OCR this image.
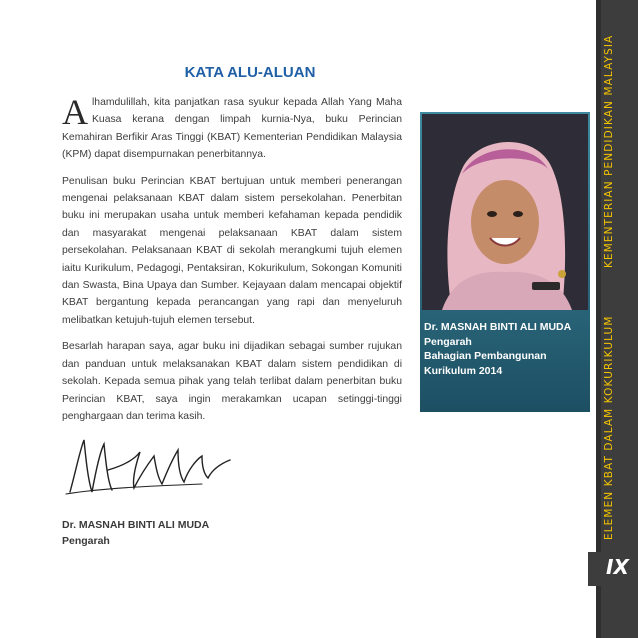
KEMENTERIAN PENDIDIKAN MALAYSIA
ELEMEN KBAT DALAM KOKURIKULUM
IX
KATA ALU-ALUAN

Alhamdulillah, kita panjatkan rasa syukur kepada Allah Yang Maha Kuasa kerana dengan limpah kurnia-Nya, buku Perincian Kemahiran Berfikir Aras Tinggi (KBAT) Kementerian Pendidikan Malaysia (KPM) dapat disempurnakan penerbitannya.

Penulisan buku Perincian KBAT bertujuan untuk memberi penerangan mengenai pelaksanaan KBAT dalam sistem persekolahan. Penerbitan buku ini merupakan usaha untuk memberi kefahaman kepada pendidik dan masyarakat mengenai pelaksanaan KBAT dalam sistem persekolahan. Pelaksanaan KBAT di sekolah merangkumi tujuh elemen iaitu Kurikulum, Pedagogi, Pentaksiran, Kokurikulum, Sokongan Komuniti dan Swasta, Bina Upaya dan Sumber. Kejayaan dalam mencapai objektif KBAT bergantung kepada perancangan yang rapi dan menyeluruh melibatkan ketujuh-tujuh elemen tersebut.

Besarlah harapan saya, agar buku ini dijadikan sebagai sumber rujukan dan panduan untuk melaksanakan KBAT dalam sistem pendidikan di sekolah. Kepada semua pihak yang telah terlibat dalam penerbitan buku Perincian KBAT, saya ingin merakamkan ucapan setinggi-tinggi penghargaan dan terima kasih.

Dr. MASNAH BINTI ALI MUDA
Pengarah
Dr. MASNAH BINTI ALI MUDA
Pengarah
Bahagian Pembangunan
Kurikulum 2014
